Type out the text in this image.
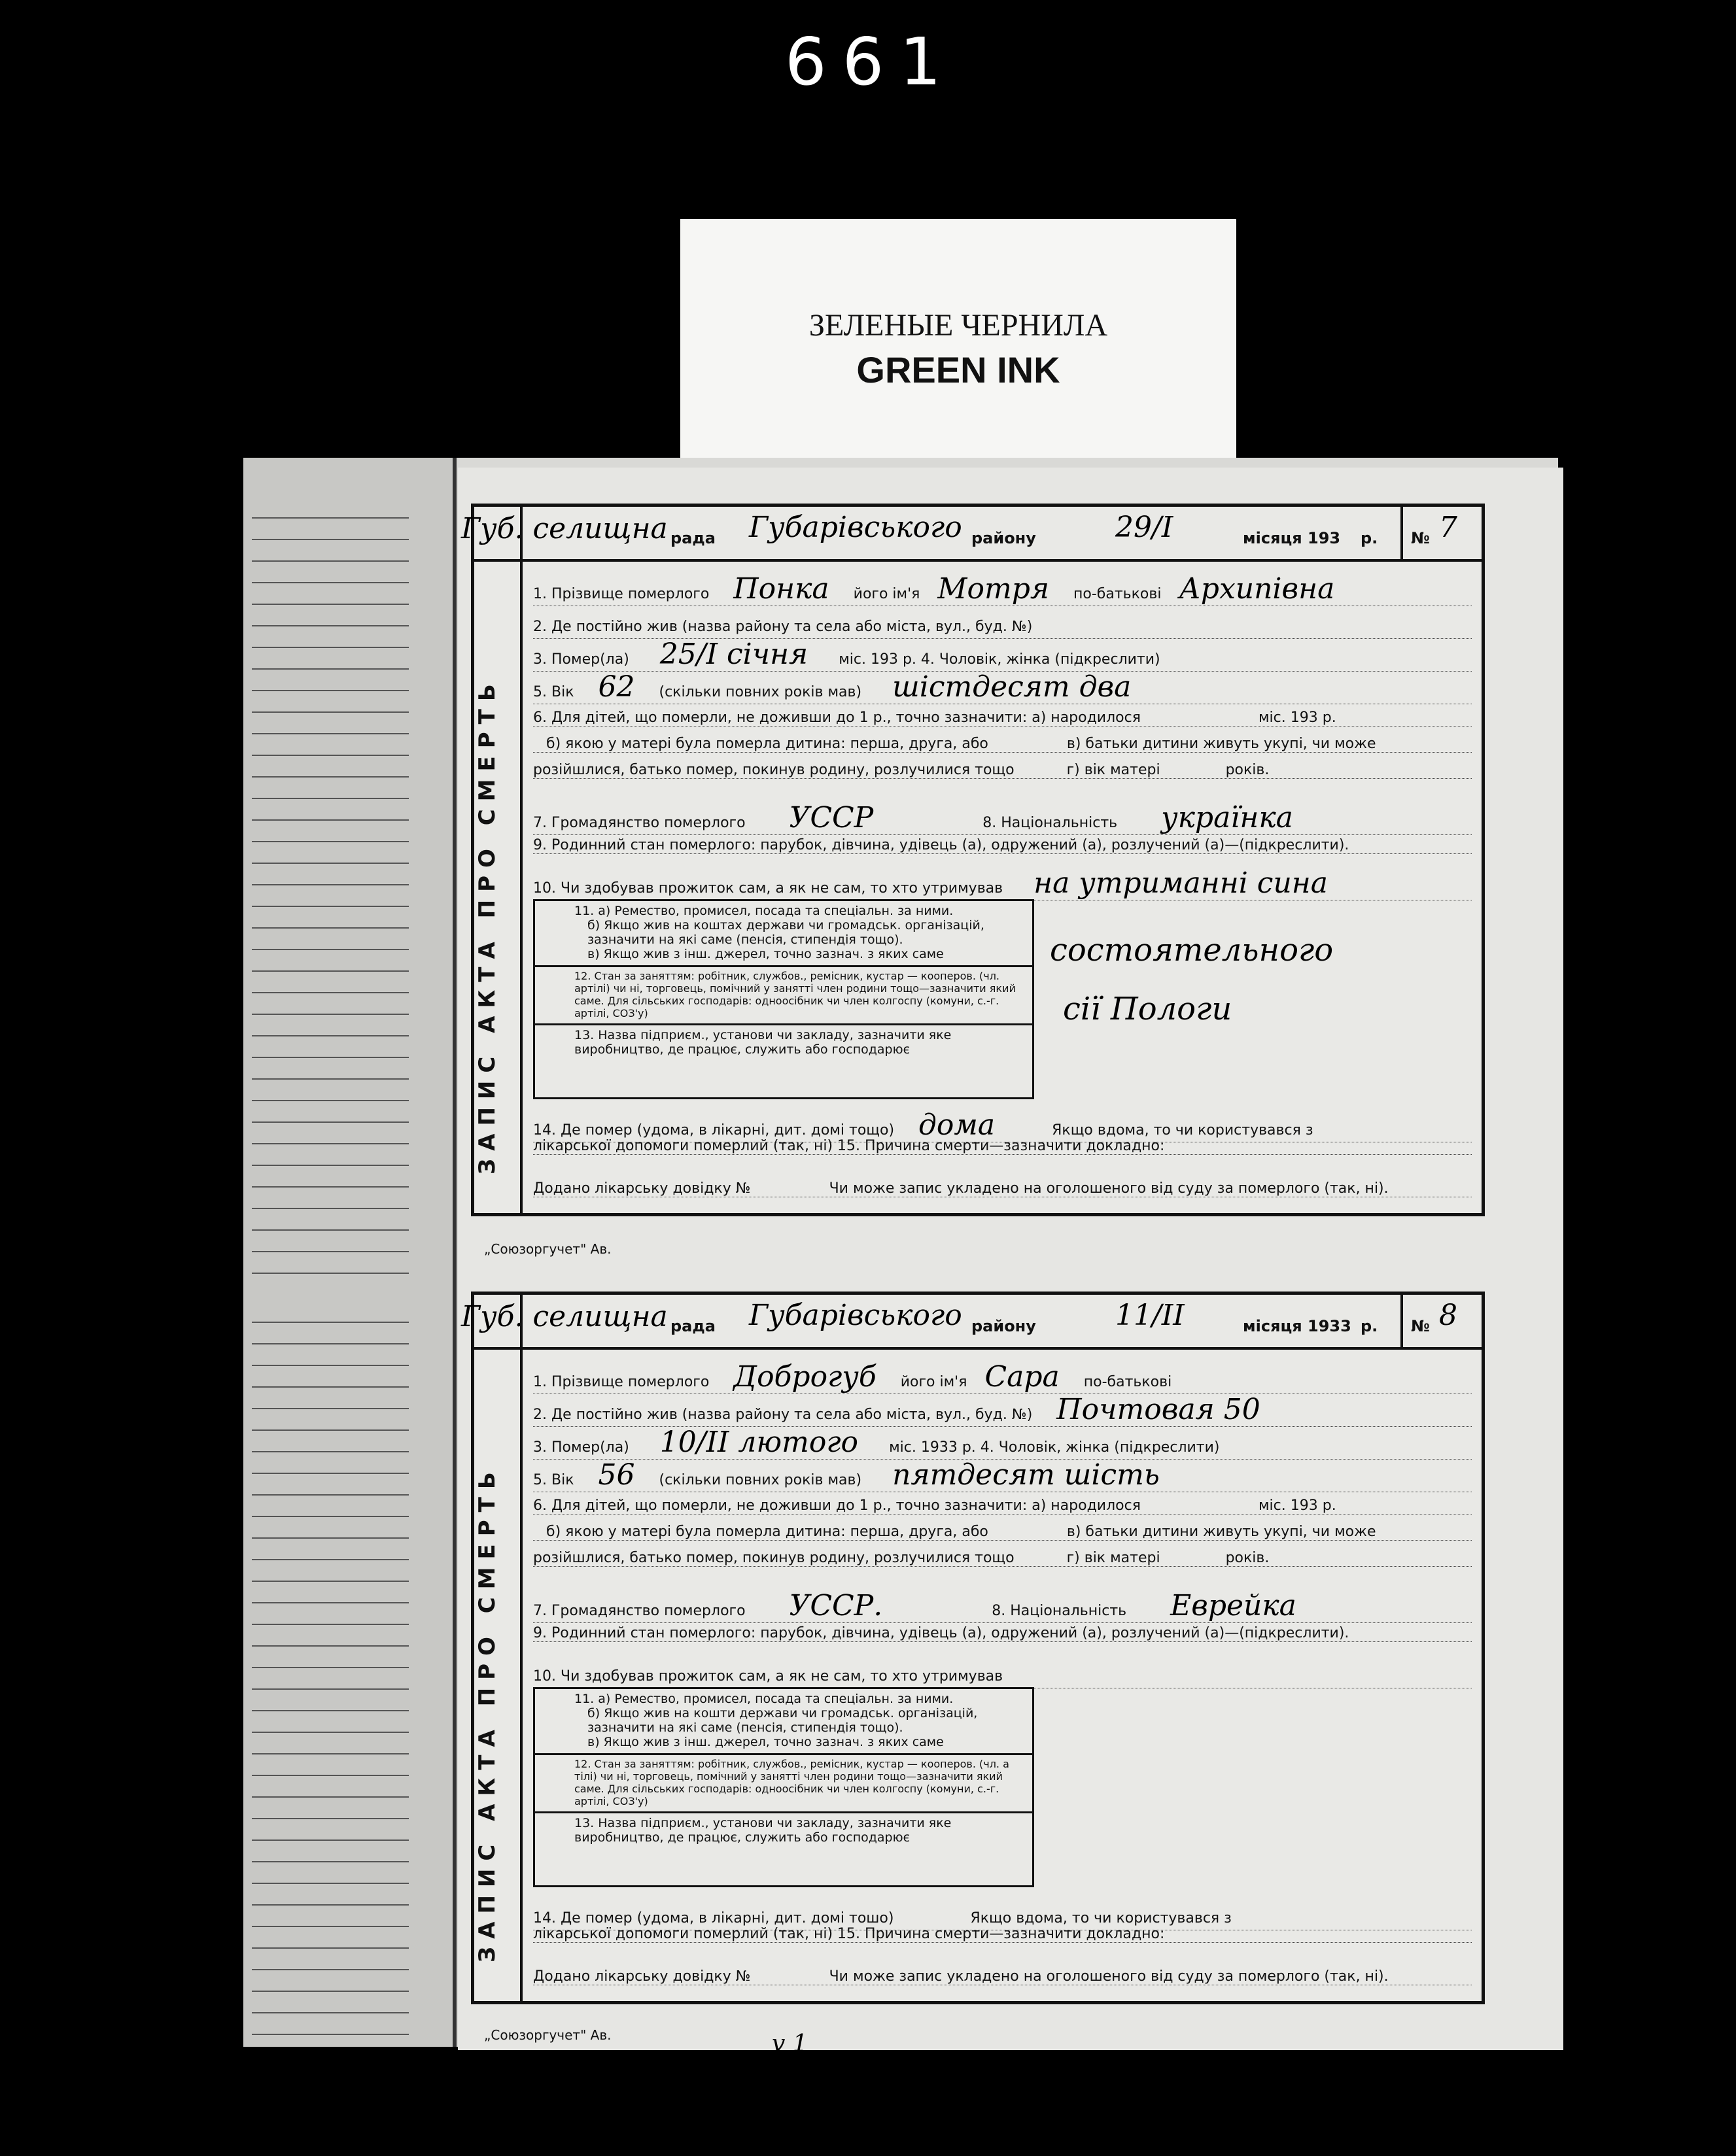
661
ЗЕЛЕНЫЕ ЧЕРНИЛА
GREEN INK
Губ. селищна рада Губарівського району	29/I	місяця 193 р. № 7
ЗАПИС АКТА ПРО СМЕРТЬ
1. Прізвище померлого Понка його ім'я Мотря по-батькові Архипівна
2. Де постійно жив (назва району та села або міста, вул., буд. №)
3. Помер(ла) 25/I січня міс. 193 р. 4. Чоловік, жінка (підкреслити)
5. Вік 62 (скільки повних років мав) шістдесят два
6. Для дітей, що померли, не доживши до 1 р., точно зазначити: а) народилося	міс. 193 р.
б) якою у матері була померла дитина: перша, друга, або	в) батьки дитини живуть укупі, чи може
розійшлися, батько помер, покинув родину, розлучилися тощо	г) вік матері	років.
7. Громадянство померлого УССР	8. Національність українка
9. Родинний стан померлого: парубок, дівчина, удівець (а), одружений (а), розлучений (а)—(підкреслити).
10. Чи здобував прожиток сам, а як не сам, то хто утримував на утриманні сина
11. а) Ремество, промисел, посада та спеціальн. за ними.
б) Якщо жив на коштах держави чи громадськ. організацій, зазначити на які саме (пенсія, стипендія тощо).
в) Якщо жив з інш. джерел, точно зазнач. з яких саме
12. Стан за заняттям: робітник, службов., ремісник, кустар — кооперов. (чл. артілі) чи ні, торговець, помічний у занятті член родини тощо—зазначити який саме. Для сільських господарів: одноосібник чи член колгоспу (комуни, с.-г. артілі, СОЗ'у)
13. Назва підприєм., установи чи закладу, зазначити яке виробництво, де працює, служить або господарює
состоятельного
сії Пологи
14. Де помер (удома, в лікарні, дит. домі тощо) дома	Якщо вдома, то чи користувався з
лікарської допомоги померлий (так, ні) 15. Причина смерти—зазначити докладно:
Додано лікарську довідку №	Чи може запис укладено на оголошеного від суду за померлого (так, ні).
„Союзоргучет" Ав.
Губ. селищна рада Губарівського району	11/II	місяця 1933 р. № 8
ЗАПИС АКТА ПРО СМЕРТЬ
1. Прізвище померлого Доброгуб його ім'я Сара по-батькові
2. Де постійно жив (назва району та села або міста, вул., буд. №) Почтовая 50
3. Помер(ла) 10/II лютого міс. 1933 р. 4. Чоловік, жінка (підкреслити)
5. Вік 56 (скільки повних років мав) пятдесят шість
6. Для дітей, що померли, не доживши до 1 р., точно зазначити: а) народилося	міс. 193 р.
б) якою у матері була померла дитина: перша, друга, або	в) батьки дитини живуть укупі, чи може
розійшлися, батько помер, покинув родину, розлучилися тощо	г) вік матері	років.
7. Громадянство померлого УССР.	8. Національність Еврейка
9. Родинний стан померлого: парубок, дівчина, удівець (а), одружений (а), розлучений (а)—(підкреслити).
10. Чи здобував прожиток сам, а як не сам, то хто утримував
11. а) Ремество, промисел, посада та спеціальн. за ними.
б) Якщо жив на кошти держави чи громадськ. організацій, зазначити на які саме (пенсія, стипендія тощо).
в) Якщо жив з інш. джерел, точно зазнач. з яких саме
12. Стан за заняттям: робітник, службов., ремісник, кустар — кооперов. (чл. а тілі) чи ні, торговець, помічний у занятті член родини тощо—зазначити який саме. Для сільських господарів: одноосібник чи член колгоспу (комуни, с.-г. артілі, СОЗ'у)
13. Назва підприєм., установи чи закладу, зазначити яке виробництво, де працює, служить або господарює
14. Де помер (удома, в лікарні, дит. домі тошо)	Якщо вдома, то чи користувався з
лікарської допомоги померлий (так, ні) 15. Причина смерти—зазначити докладно:
Додано лікарську довідку №	Чи може запис укладено на оголошеного від суду за померлого (так, ні).
„Союзоргучет" Ав.	v 1
